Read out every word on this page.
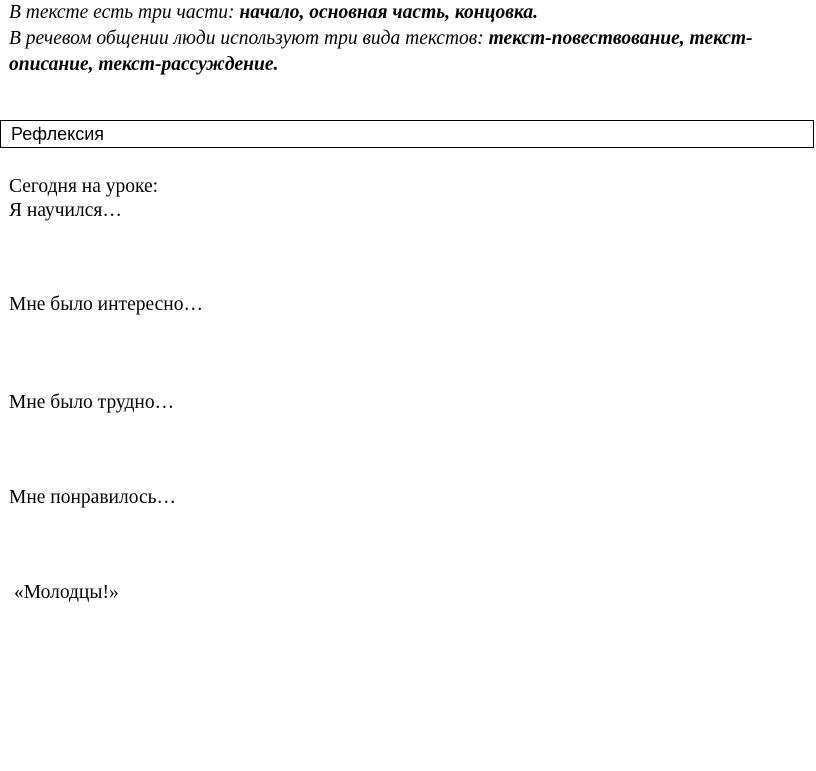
В тексте есть три части: начало, основная часть, концовка.

В речевом общении люди используют три вида текстов: текст-повествование, текст-описание, текст-рассуждение.

Рефлексия
Сегодня на уроке:
Я научился…
Мне было интересно…
Мне было трудно…
Мне понравилось…
«Молодцы!»
